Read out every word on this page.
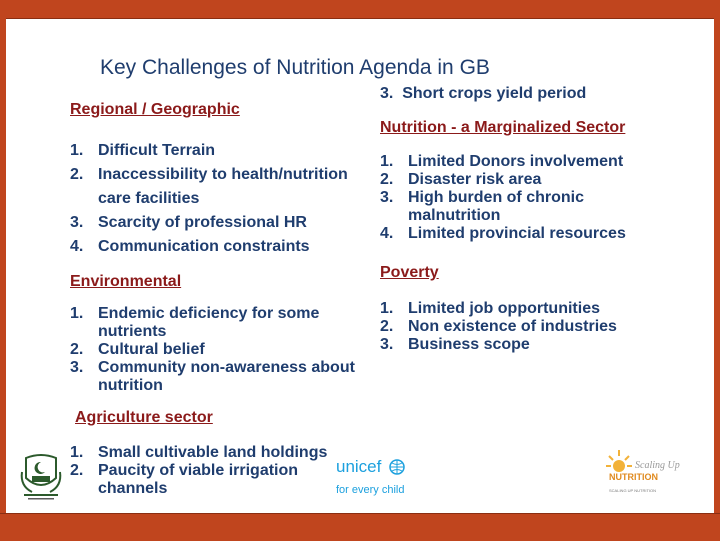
Key Challenges of Nutrition Agenda in GB
Regional / Geographic
1. Difficult Terrain
2. Inaccessibility to health/nutrition care facilities
3. Scarcity of professional HR
4. Communication constraints
Environmental
1. Endemic deficiency for some nutrients
2. Cultural belief
3. Community non-awareness about nutrition
Agriculture sector
1. Small cultivable land holdings
2. Paucity of viable irrigation channels
3. Short crops yield period
Nutrition - a Marginalized Sector
1. Limited Donors involvement
2. Disaster risk area
3. High burden of chronic malnutrition
4. Limited provincial resources
Poverty
1. Limited job opportunities
2. Non existence of industries
3. Business scope
unicef
for every child
Scaling Up
NUTRITION
SCALING UP NUTRITION
